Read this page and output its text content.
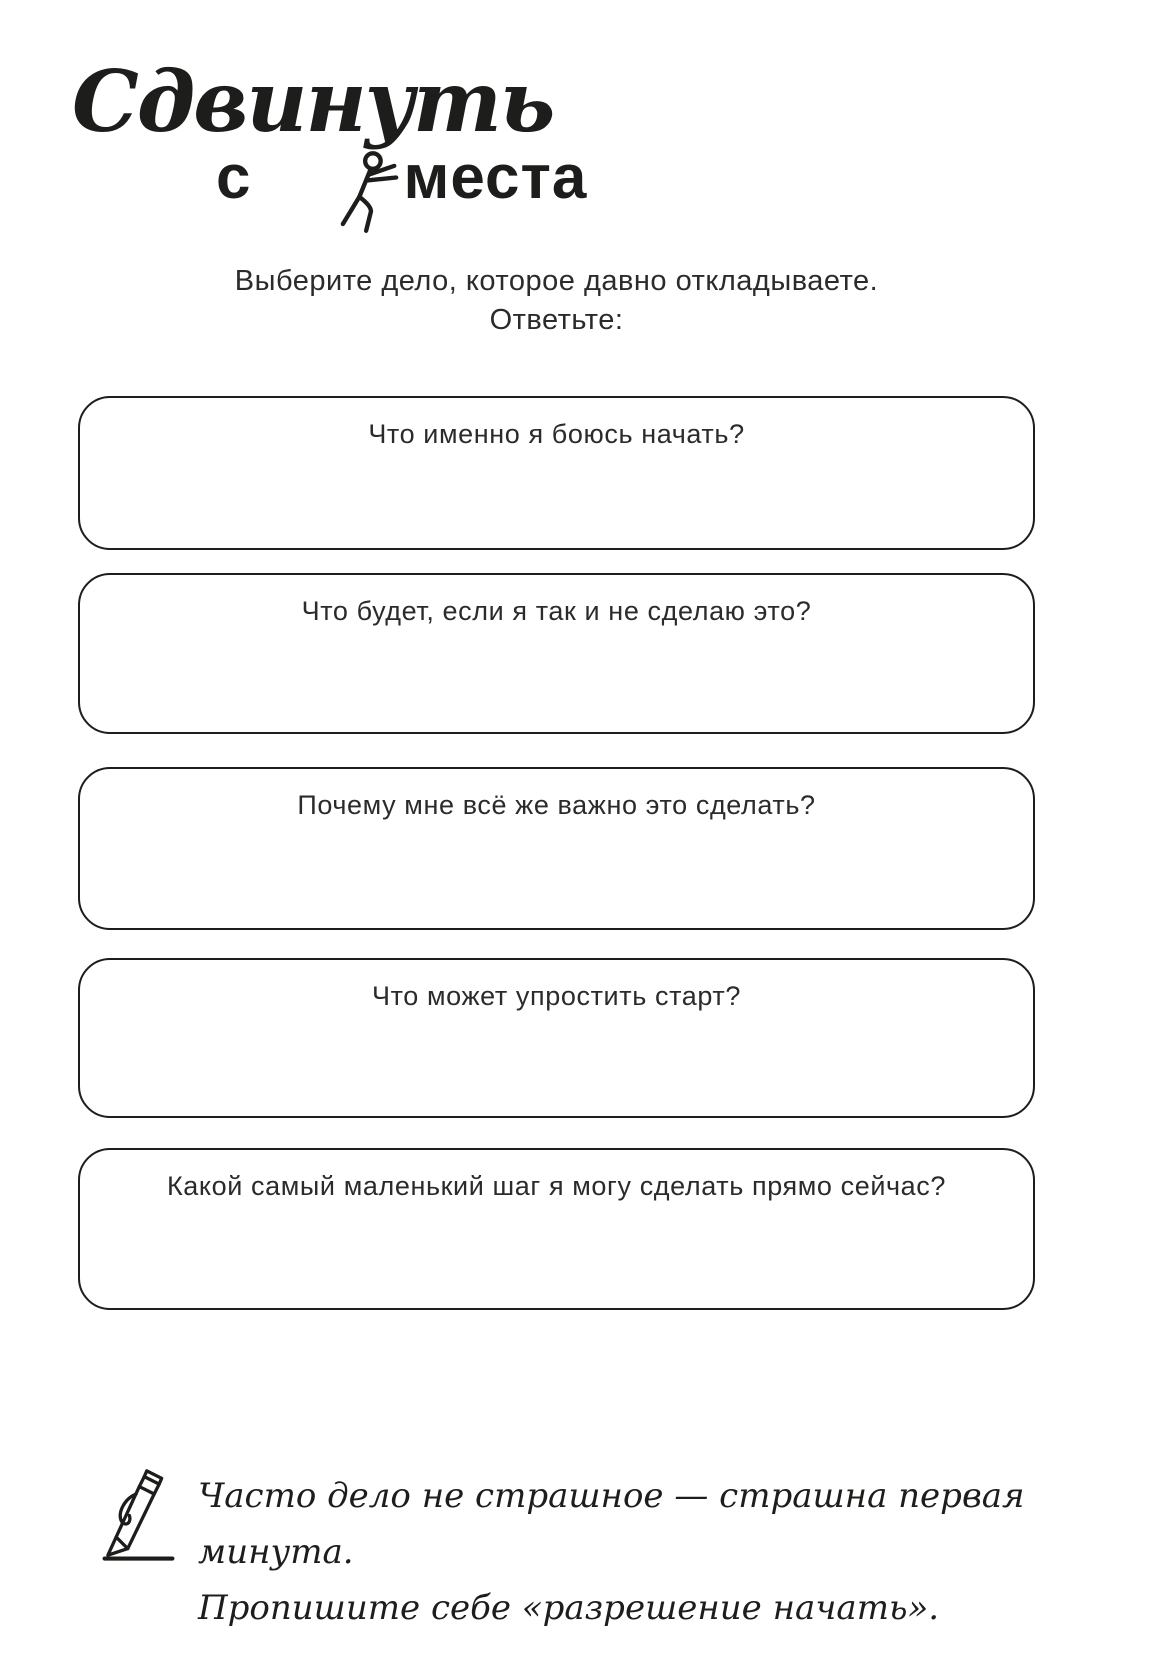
Сдвинуть
с места
Выберите дело, которое давно откладываете.
Ответьте:
Что именно я боюсь начать?
Что будет, если я так и не сделаю это?
Почему мне всё же важно это сделать?
Что может упростить старт?
Какой самый маленький шаг я могу сделать прямо сейчас?
Часто дело не страшное — страшна первая минута.
Пропишите себе «разрешение начать».
